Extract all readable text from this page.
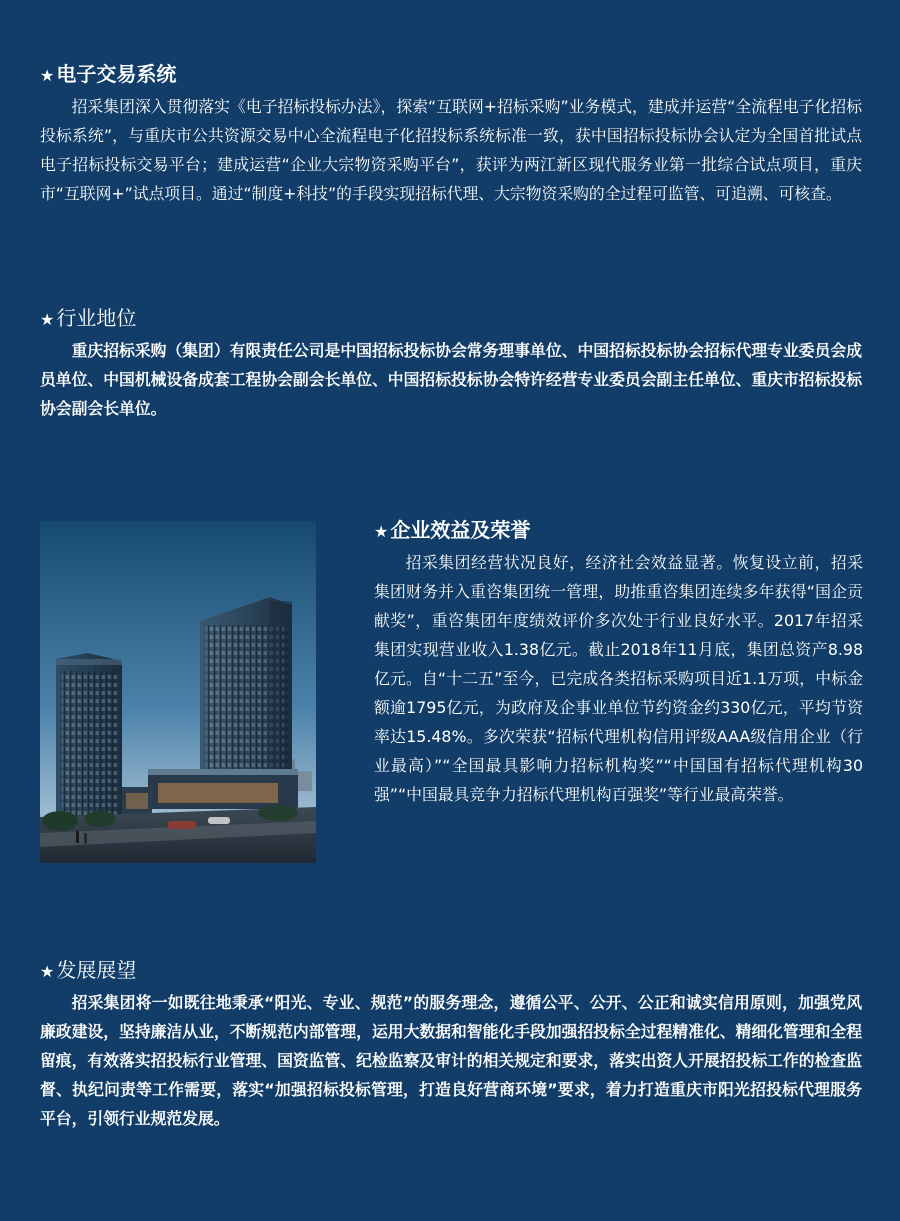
★ 电子交易系统

招采集团深入贯彻落实《电子招标投标办法》，探索“互联网+招标采购”业务模式，建成并运营“全流程电子化招标投标系统”，与重庆市公共资源交易中心全流程电子化招投标系统标准一致，获中国招标投标协会认定为全国首批试点电子招标投标交易平台；建成运营“企业大宗物资采购平台”，获评为两江新区现代服务业第一批综合试点项目，重庆市“互联网+”试点项目。通过“制度+科技”的手段实现招标代理、大宗物资采购的全过程可监管、可追溯、可核查。

★ 行业地位

重庆招标采购（集团）有限责任公司是中国招标投标协会常务理事单位、中国招标投标协会招标代理专业委员会成员单位、中国机械设备成套工程协会副会长单位、中国招标投标协会特许经营专业委员会副主任单位、重庆市招标投标协会副会长单位。

★ 企业效益及荣誉

招采集团经营状况良好，经济社会效益显著。恢复设立前，招采集团财务并入重咨集团统一管理，助推重咨集团连续多年获得“国企贡献奖”，重咨集团年度绩效评价多次处于行业良好水平。2017年招采集团实现营业收入1.38亿元。截止2018年11月底，集团总资产8.98亿元。自“十二五”至今，已完成各类招标采购项目近1.1万项，中标金额逾1795亿元，为政府及企事业单位节约资金约330亿元，平均节资率达15.48%。多次荣获“招标代理机构信用评级AAA级信用企业（行业最高）”“全国最具影响力招标机构奖”“中国国有招标代理机构30强”“中国最具竞争力招标代理机构百强奖”等行业最高荣誉。

★ 发展展望

招采集团将一如既往地秉承“阳光、专业、规范”的服务理念，遵循公平、公开、公正和诚实信用原则，加强党风廉政建设，坚持廉洁从业，不断规范内部管理，运用大数据和智能化手段加强招投标全过程精准化、精细化管理和全程留痕，有效落实招投标行业管理、国资监管、纪检监察及审计的相关规定和要求，落实出资人开展招投标工作的检查监督、执纪问责等工作需要，落实“加强招标投标管理，打造良好营商环境”要求，着力打造重庆市阳光招投标代理服务平台，引领行业规范发展。
